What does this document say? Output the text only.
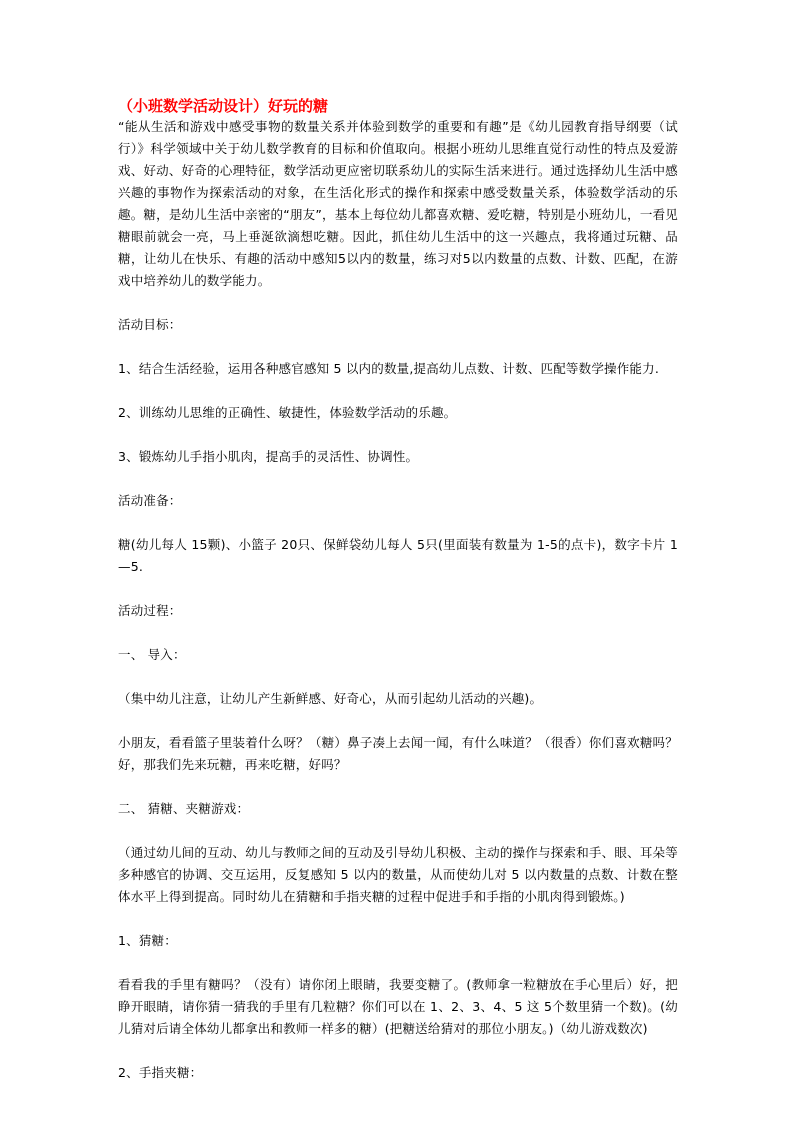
（小班数学活动设计）好玩的糖

“能从生活和游戏中感受事物的数量关系并体验到数学的重要和有趣”是《幼儿园教育指导纲要（试行）》科学领域中关于幼儿数学教育的目标和价值取向。根据小班幼儿思维直觉行动性的特点及爱游戏、好动、好奇的心理特征，数学活动更应密切联系幼儿的实际生活来进行。通过选择幼儿生活中感兴趣的事物作为探索活动的对象，在生活化形式的操作和探索中感受数量关系，体验数学活动的乐趣。糖，是幼儿生活中亲密的“朋友”，基本上每位幼儿都喜欢糖、爱吃糖，特别是小班幼儿，一看见糖眼前就会一亮，马上垂涎欲滴想吃糖。因此，抓住幼儿生活中的这一兴趣点，我将通过玩糖、品糖，让幼儿在快乐、有趣的活动中感知5以内的数量，练习对5以内数量的点数、计数、匹配，在游戏中培养幼儿的数学能力。

活动目标：

1、结合生活经验，运用各种感官感知 5 以内的数量,提高幼儿点数、计数、匹配等数学操作能力.

2、训练幼儿思维的正确性、敏捷性，体验数学活动的乐趣。

3、锻炼幼儿手指小肌肉，提高手的灵活性、协调性。

活动准备：

糖(幼儿每人 15颗)、小篮子 20只、保鲜袋幼儿每人 5只(里面装有数量为 1-5的点卡)，数字卡片 1—5.

活动过程：

一、 导入：

（集中幼儿注意，让幼儿产生新鲜感、好奇心，从而引起幼儿活动的兴趣)。

小朋友，看看篮子里装着什么呀？（糖）鼻子凑上去闻一闻，有什么味道？（很香）你们喜欢糖吗？好，那我们先来玩糖，再来吃糖，好吗？

二、 猜糖、夹糖游戏：

（通过幼儿间的互动、幼儿与教师之间的互动及引导幼儿积极、主动的操作与探索和手、眼、耳朵等多种感官的协调、交互运用，反复感知 5 以内的数量，从而使幼儿对 5 以内数量的点数、计数在整体水平上得到提高。同时幼儿在猜糖和手指夹糖的过程中促进手和手指的小肌肉得到锻炼。)

1、猜糖：

看看我的手里有糖吗？（没有）请你闭上眼睛，我要变糖了。(教师拿一粒糖放在手心里后）好，把睁开眼睛，请你猜一猜我的手里有几粒糖？你们可以在 1、2、3、4、5 这 5个数里猜一个数)。(幼儿猜对后请全体幼儿都拿出和教师一样多的糖）(把糖送给猜对的那位小朋友。)（幼儿游戏数次)

2、手指夹糖：
